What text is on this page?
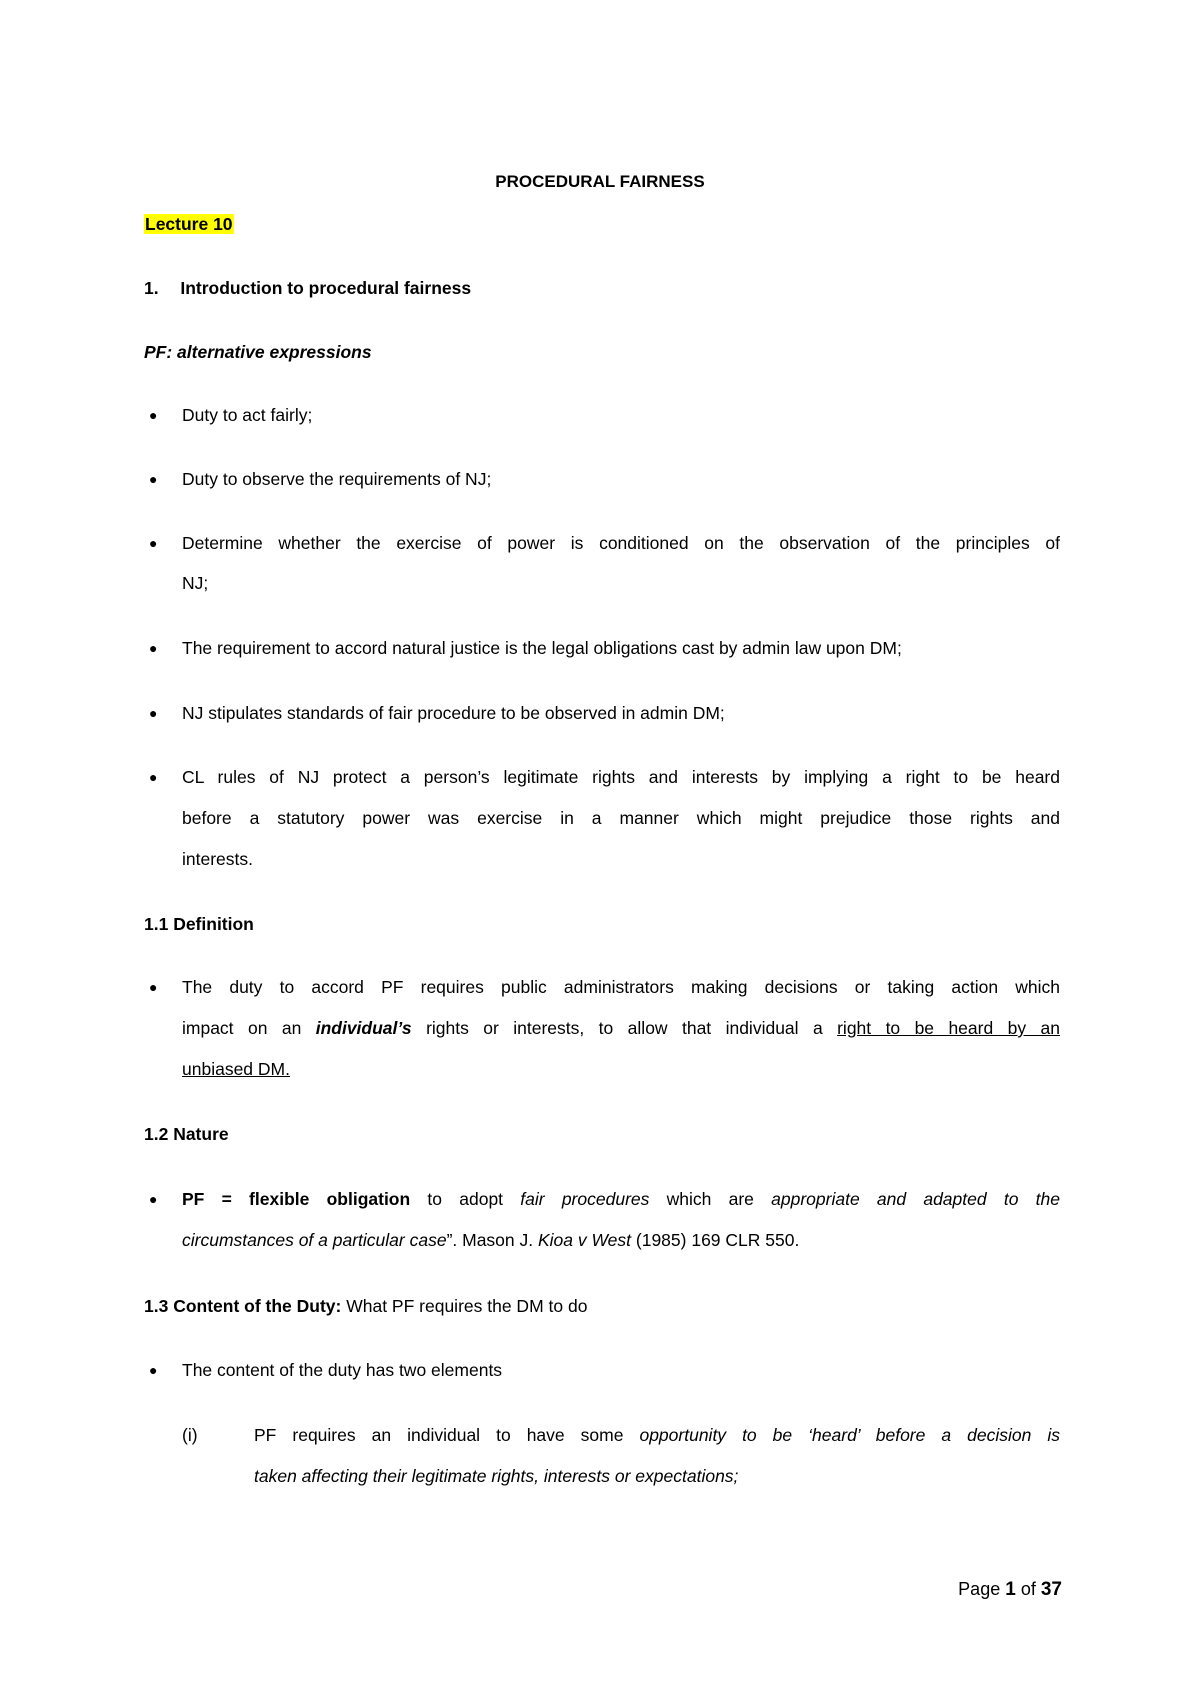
PROCEDURAL FAIRNESS
Lecture 10
1. Introduction to procedural fairness
PF: alternative expressions
● Duty to act fairly;
● Duty to observe the requirements of NJ;
● Determine whether the exercise of power is conditioned on the observation of the principles of
NJ;
● The requirement to accord natural justice is the legal obligations cast by admin law upon DM;
● NJ stipulates standards of fair procedure to be observed in admin DM;
● CL rules of NJ protect a person’s legitimate rights and interests by implying a right to be heard
before a statutory power was exercise in a manner which might prejudice those rights and
interests.
1.1 Definition
● The duty to accord PF requires public administrators making decisions or taking action which
impact on an individual’s rights or interests, to allow that individual a right to be heard by an
unbiased DM.
1.2 Nature
● PF = flexible obligation to adopt fair procedures which are appropriate and adapted to the
circumstances of a particular case”. Mason J. Kioa v West (1985) 169 CLR 550.
1.3 Content of the Duty: What PF requires the DM to do
● The content of the duty has two elements
(i)	PF requires an individual to have some opportunity to be ‘heard’ before a decision is
taken affecting their legitimate rights, interests or expectations;
Page 1 of 37
